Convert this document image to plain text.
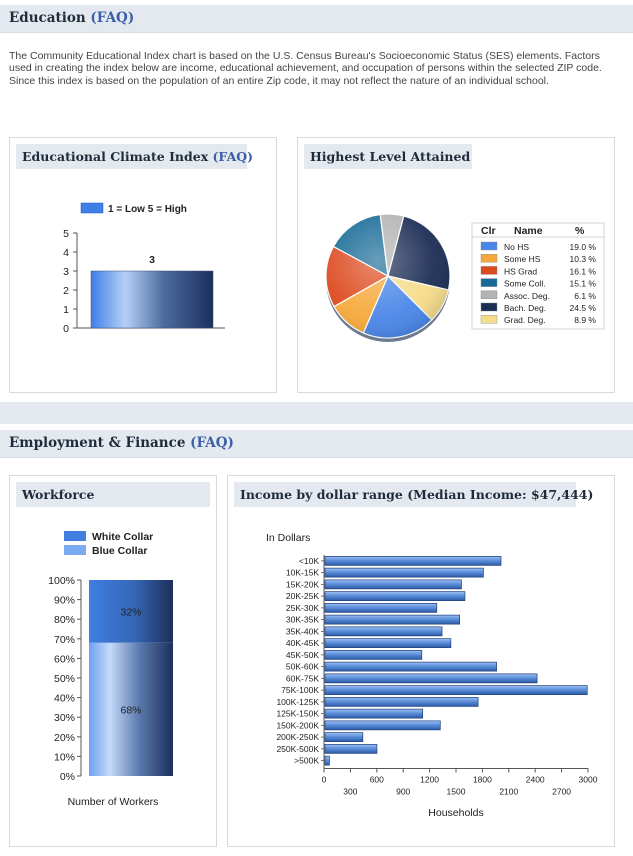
Education (FAQ)
The Community Educational Index chart is based on the U.S. Census Bureau's Socioeconomic Status (SES) elements. Factors used in creating the index below are income, educational achievement, and occupation of persons within the selected ZIP code. Since this index is based on the population of an entire Zip code, it may not reflect the nature of an individual school.
Educational Climate Index (FAQ)
1 = Low 5 = High
0
1
2
3
4
5
3
Highest Level Attained
Clr Name	%
No HS	19.0 %
Some HS	10.3 %
HS Grad	16.1 %
Some Coll.	15.1 %
Assoc. Deg.	6.1 %
Bach. Deg.	24.5 %
Grad. Deg.	8.9 %
Employment & Finance (FAQ)
Workforce
White Collar
Blue Collar
0%
10%
20%
30%
40%
50%
60%
70%
80%
90%
100%
68%
32%
Number of Workers
Income by dollar range (Median Income: $47,444)
In Dollars
<10K
10K-15K
15K-20K
20K-25K
25K-30K
30K-35K
35K-40K
40K-45K
45K-50K
50K-60K
60K-75K
75K-100K
100K-125K
125K-150K
150K-200K
200K-250K
250K-500K
>500K
0	600	1200	1800	2400	3000
300	900	1500	2100	2700
Households
